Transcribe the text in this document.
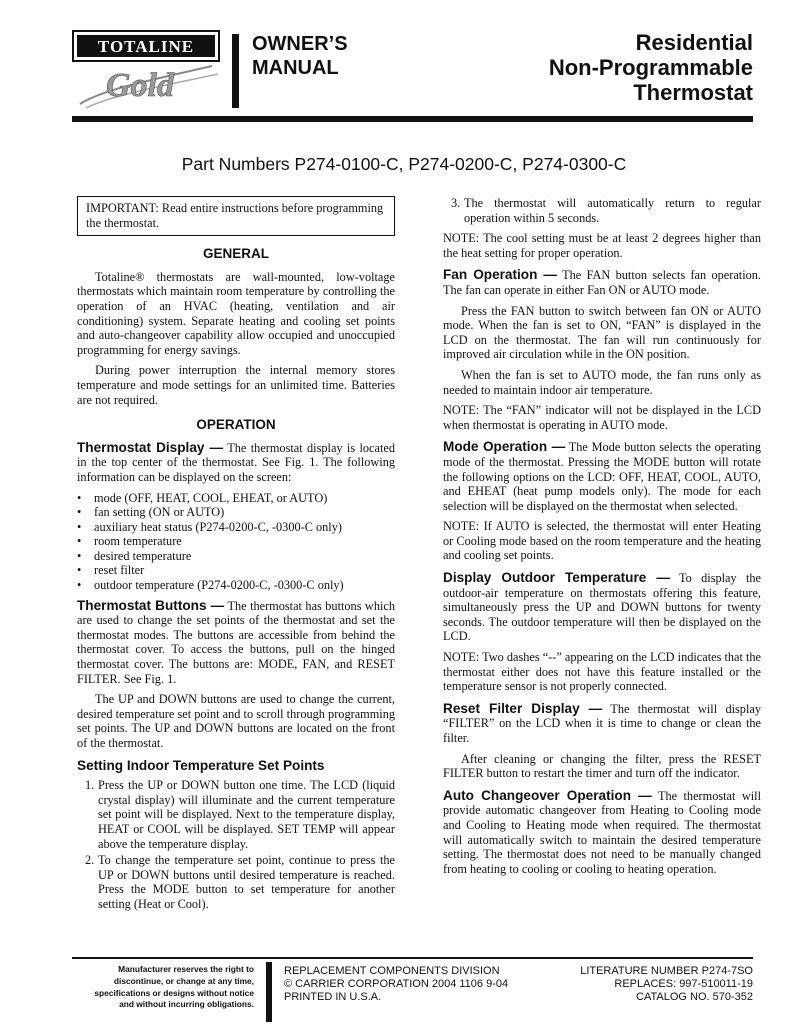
TOTALINE
Gold
OWNER’S
MANUAL
Residential
Non-Programmable
Thermostat
Part Numbers P274-0100-C, P274-0200-C, P274-0300-C
IMPORTANT: Read entire instructions before programming the thermostat.
GENERAL

Totaline® thermostats are wall-mounted, low-voltage thermostats which maintain room temperature by controlling the operation of an HVAC (heating, ventilation and air conditioning) system. Separate heating and cooling set points and auto-changeover capability allow occupied and unoccupied programming for energy savings.

During power interruption the internal memory stores temperature and mode settings for an unlimited time. Batteries are not required.

OPERATION

Thermostat Display — The thermostat display is located in the top center of the thermostat. See Fig. 1. The following information can be displayed on the screen:

• mode (OFF, HEAT, COOL, EHEAT, or AUTO)
• fan setting (ON or AUTO)
• auxiliary heat status (P274-0200-C, -0300-C only)
• room temperature
• desired temperature
• reset filter
• outdoor temperature (P274-0200-C, -0300-C only)

Thermostat Buttons — The thermostat has buttons which are used to change the set points of the thermostat and set the thermostat modes. The buttons are accessible from behind the thermostat cover. To access the buttons, pull on the hinged thermostat cover. The buttons are: MODE, FAN, and RESET FILTER. See Fig. 1.

The UP and DOWN buttons are used to change the current, desired temperature set point and to scroll through programming set points. The UP and DOWN buttons are located on the front of the thermostat.

Setting Indoor Temperature Set Points
1. Press the UP or DOWN button one time. The LCD (liquid crystal display) will illuminate and the current temperature set point will be displayed. Next to the temperature display, HEAT or COOL will be displayed. SET TEMP will appear above the temperature display.
2. To change the temperature set point, continue to press the UP or DOWN buttons until desired temperature is reached. Press the MODE button to set temperature for another setting (Heat or Cool).
3. The thermostat will automatically return to regular operation within 5 seconds.

NOTE: The cool setting must be at least 2 degrees higher than the heat setting for proper operation.

Fan Operation — The FAN button selects fan operation. The fan can operate in either Fan ON or AUTO mode.

Press the FAN button to switch between fan ON or AUTO mode. When the fan is set to ON, “FAN” is displayed in the LCD on the thermostat. The fan will run continuously for improved air circulation while in the ON position.

When the fan is set to AUTO mode, the fan runs only as needed to maintain indoor air temperature.

NOTE: The “FAN” indicator will not be displayed in the LCD when thermostat is operating in AUTO mode.

Mode Operation — The Mode button selects the operating mode of the thermostat. Pressing the MODE button will rotate the following options on the LCD: OFF, HEAT, COOL, AUTO, and EHEAT (heat pump models only). The mode for each selection will be displayed on the thermostat when selected.

NOTE: If AUTO is selected, the thermostat will enter Heating or Cooling mode based on the room temperature and the heating and cooling set points.

Display Outdoor Temperature — To display the outdoor-air temperature on thermostats offering this feature, simultaneously press the UP and DOWN buttons for twenty seconds. The outdoor temperature will then be displayed on the LCD.

NOTE: Two dashes “--” appearing on the LCD indicates that the thermostat either does not have this feature installed or the temperature sensor is not properly connected.

Reset Filter Display — The thermostat will display “FILTER” on the LCD when it is time to change or clean the filter.

After cleaning or changing the filter, press the RESET FILTER button to restart the timer and turn off the indicator.

Auto Changeover Operation — The thermostat will provide automatic changeover from Heating to Cooling mode and Cooling to Heating mode when required. The thermostat will automatically switch to maintain the desired temperature setting. The thermostat does not need to be manually changed from heating to cooling or cooling to heating operation.

Manufacturer reserves the right to
discontinue, or change at any time,
specifications or designs without notice
and without incurring obligations.
REPLACEMENT COMPONENTS DIVISION
© CARRIER CORPORATION 2004 1106 9-04
PRINTED IN U.S.A.
LITERATURE NUMBER P274-7SO
REPLACES: 997-510011-19
CATALOG NO. 570-352
